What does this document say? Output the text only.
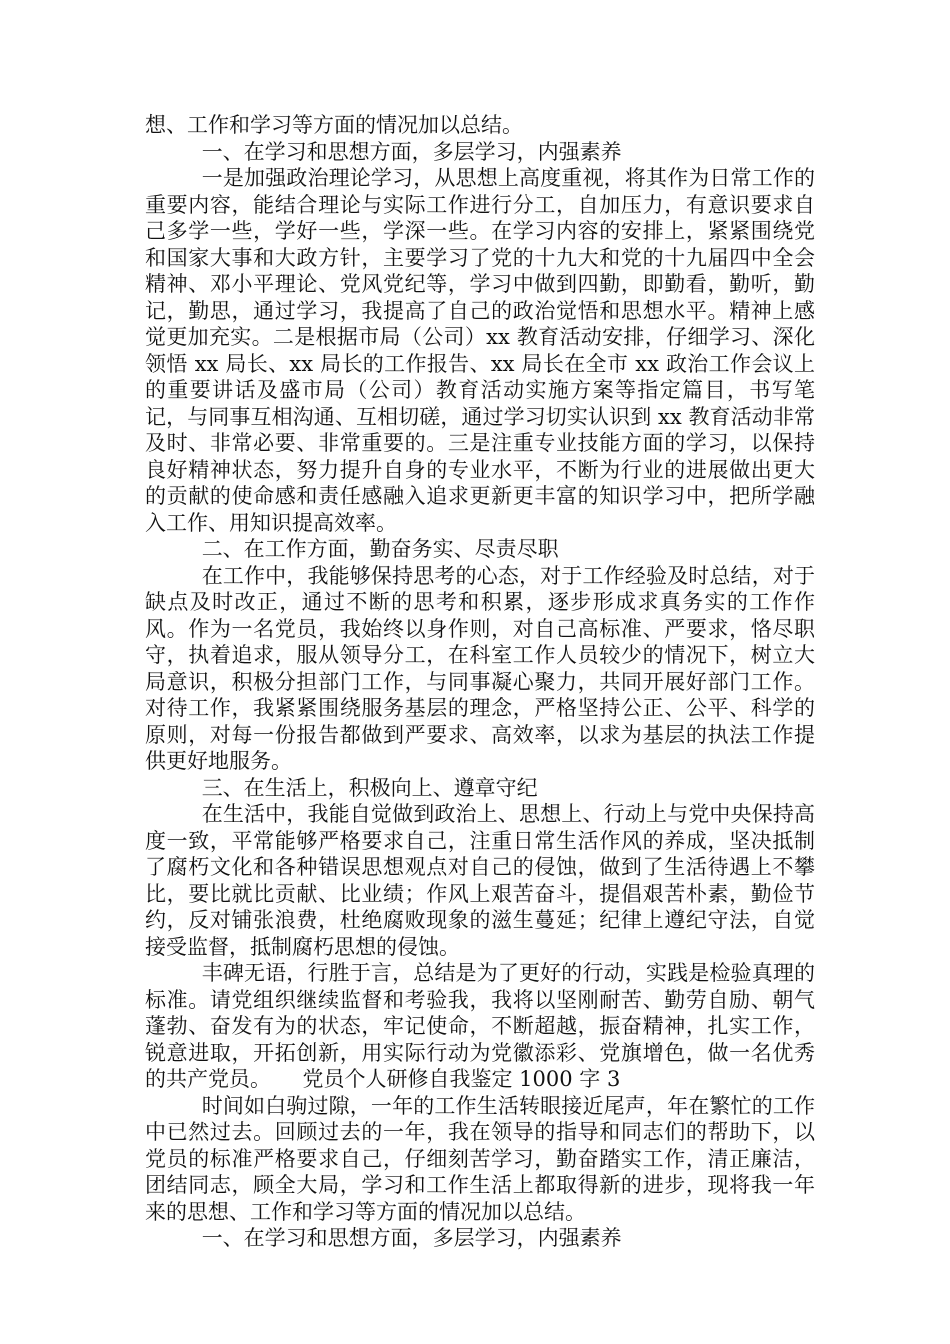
想、工作和学习等方面的情况加以总结。

一、在学习和思想方面，多层学习，内强素养

一是加强政治理论学习，从思想上高度重视，将其作为日常工作的重要内容，能结合理论与实际工作进行分工，自加压力，有意识要求自己多学一些，学好一些，学深一些。在学习内容的安排上，紧紧围绕党和国家大事和大政方针，主要学习了党的十九大和党的十九届四中全会精神、邓小平理论、党风党纪等，学习中做到四勤，即勤看，勤听，勤记，勤思，通过学习，我提高了自己的政治觉悟和思想水平。精神上感觉更加充实。二是根据市局（公司）xx 教育活动安排，仔细学习、深化领悟 xx 局长、xx 局长的工作报告、xx 局长在全市 xx 政治工作会议上的重要讲话及盛市局（公司）教育活动实施方案等指定篇目，书写笔记，与同事互相沟通、互相切磋，通过学习切实认识到 xx 教育活动非常及时、非常必要、非常重要的。三是注重专业技能方面的学习，以保持良好精神状态，努力提升自身的专业水平，不断为行业的进展做出更大的贡献的使命感和责任感融入追求更新更丰富的知识学习中，把所学融入工作、用知识提高效率。

二、在工作方面，勤奋务实、尽责尽职

在工作中，我能够保持思考的心态，对于工作经验及时总结，对于缺点及时改正，通过不断的思考和积累，逐步形成求真务实的工作作风。作为一名党员，我始终以身作则，对自己高标准、严要求，恪尽职守，执着追求，服从领导分工，在科室工作人员较少的情况下，树立大局意识，积极分担部门工作，与同事凝心聚力，共同开展好部门工作。对待工作，我紧紧围绕服务基层的理念，严格坚持公正、公平、科学的原则，对每一份报告都做到严要求、高效率，以求为基层的执法工作提供更好地服务。

三、在生活上，积极向上、遵章守纪

在生活中，我能自觉做到政治上、思想上、行动上与党中央保持高度一致，平常能够严格要求自己，注重日常生活作风的养成，坚决抵制了腐朽文化和各种错误思想观点对自己的侵蚀，做到了生活待遇上不攀比，要比就比贡献、比业绩；作风上艰苦奋斗，提倡艰苦朴素，勤俭节约，反对铺张浪费，杜绝腐败现象的滋生蔓延；纪律上遵纪守法，自觉接受监督，抵制腐朽思想的侵蚀。

丰碑无语，行胜于言，总结是为了更好的行动，实践是检验真理的标准。请党组织继续监督和考验我，我将以坚刚耐苦、勤劳自励、朝气蓬勃、奋发有为的状态，牢记使命，不断超越，振奋精神，扎实工作，锐意进取，开拓创新，用实际行动为党徽添彩、党旗增色，做一名优秀的共产党员。　　党员个人研修自我鉴定 1000 字 3

时间如白驹过隙，一年的工作生活转眼接近尾声，年在繁忙的工作中已然过去。回顾过去的一年，我在领导的指导和同志们的帮助下，以党员的标准严格要求自己，仔细刻苦学习，勤奋踏实工作，清正廉洁，团结同志，顾全大局，学习和工作生活上都取得新的进步，现将我一年来的思想、工作和学习等方面的情况加以总结。

一、在学习和思想方面，多层学习，内强素养
